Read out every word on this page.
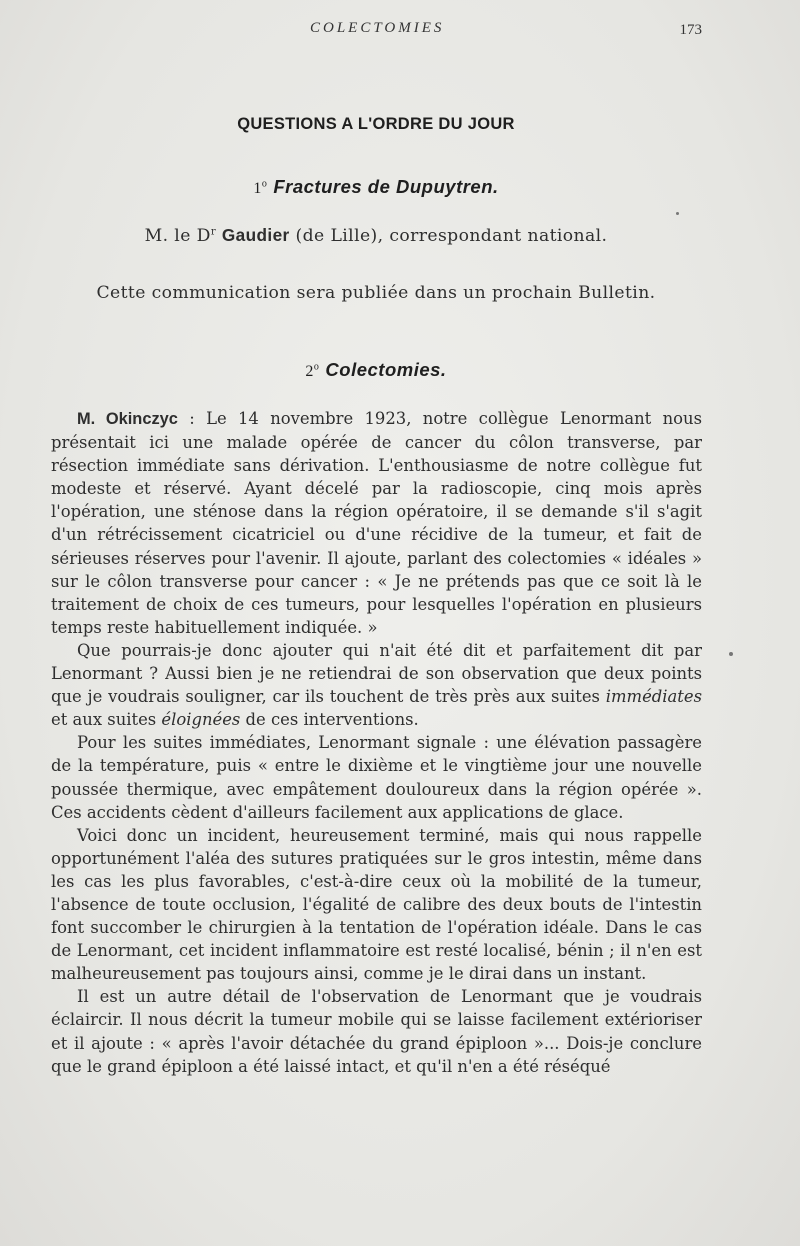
COLECTOMIES	173
QUESTIONS A L'ORDRE DU JOUR
1$^o$ Fractures de Dupuytren.
M. le $D^r$ Gaudier (de Lille), correspondant national.
Cette communication sera publiée dans un prochain Bulletin.
2$^o$ Colectomies.

M. Okinczyc : Le 14 novembre 1923, notre collègue Lenormant nous présentait ici une malade opérée de cancer du côlon transverse, par résection immédiate sans dérivation. L'enthousiasme de notre collègue fut modeste et réservé. Ayant décelé par la radioscopie, cinq mois après l'opération, une sténose dans la région opératoire, il se demande s'il s'agit d'un rétrécissement cicatriciel ou d'une récidive de la tumeur, et fait de sérieuses réserves pour l'avenir. Il ajoute, parlant des colectomies « idéales » sur le côlon transverse pour cancer : « Je ne prétends pas que ce soit là le traitement de choix de ces tumeurs, pour lesquelles l'opération en plusieurs temps reste habituellement indiquée. »

Que pourrais-je donc ajouter qui n'ait été dit et parfaitement dit par Lenormant ? Aussi bien je ne retiendrai de son observation que deux points que je voudrais souligner, car ils touchent de très près aux suites immédiates et aux suites éloignées de ces interventions.

Pour les suites immédiates, Lenormant signale : une élévation passagère de la température, puis « entre le dixième et le vingtième jour une nouvelle poussée thermique, avec empâtement douloureux dans la région opérée ». Ces accidents cèdent d'ailleurs facilement aux applications de glace.

Voici donc un incident, heureusement terminé, mais qui nous rappelle opportunément l'aléa des sutures pratiquées sur le gros intestin, même dans les cas les plus favorables, c'est-à-dire ceux où la mobilité de la tumeur, l'absence de toute occlusion, l'égalité de calibre des deux bouts de l'intestin font succomber le chirurgien à la tentation de l'opération idéale. Dans le cas de Lenormant, cet incident inflammatoire est resté localisé, bénin ; il n'en est malheureusement pas toujours ainsi, comme je le dirai dans un instant.

Il est un autre détail de l'observation de Lenormant que je voudrais éclaircir. Il nous décrit la tumeur mobile qui se laisse facilement extérioriser et il ajoute : « après l'avoir détachée du grand épiploon »... Dois-je conclure que le grand épiploon a été laissé intact, et qu'il n'en a été réséqué
